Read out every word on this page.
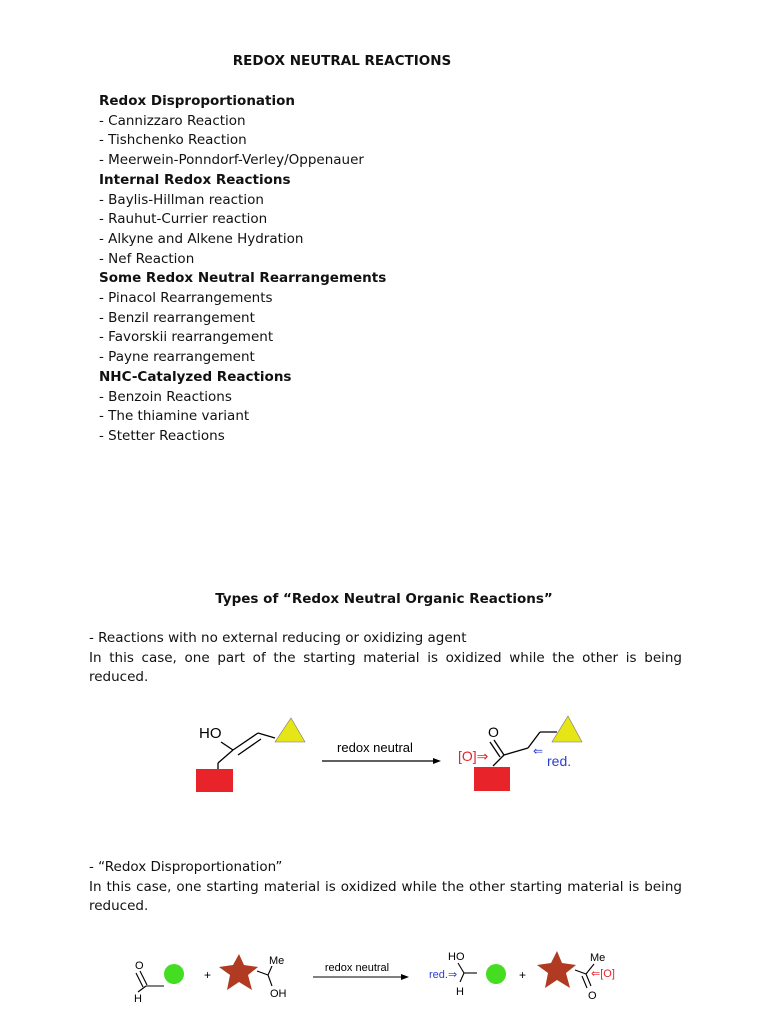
REDOX NEUTRAL REACTIONS
Redox Disproportionation
- Cannizzaro Reaction
- Tishchenko Reaction
- Meerwein-Ponndorf-Verley/Oppenauer
Internal Redox Reactions
- Baylis-Hillman reaction
- Rauhut-Currier reaction
- Alkyne and Alkene Hydration
- Nef Reaction
Some Redox Neutral Rearrangements
- Pinacol Rearrangements
- Benzil rearrangement
- Favorskii rearrangement
- Payne rearrangement
NHC-Catalyzed Reactions
- Benzoin Reactions
- The thiamine variant
- Stetter Reactions
Types of “Redox Neutral Organic Reactions”

- Reactions with no external reducing or oxidizing agent

In this case, one part of the starting material is oxidized while the other is being reduced.

HO
redox neutral
O
[O]⇒	⇐
red.

- “Redox Disproportionation”

In this case, one starting material is oxidized while the other starting material is being reduced.

O
H
+
Me
OH
redox neutral
HO
H
red.⇒	+
Me
O
⇐[O]
